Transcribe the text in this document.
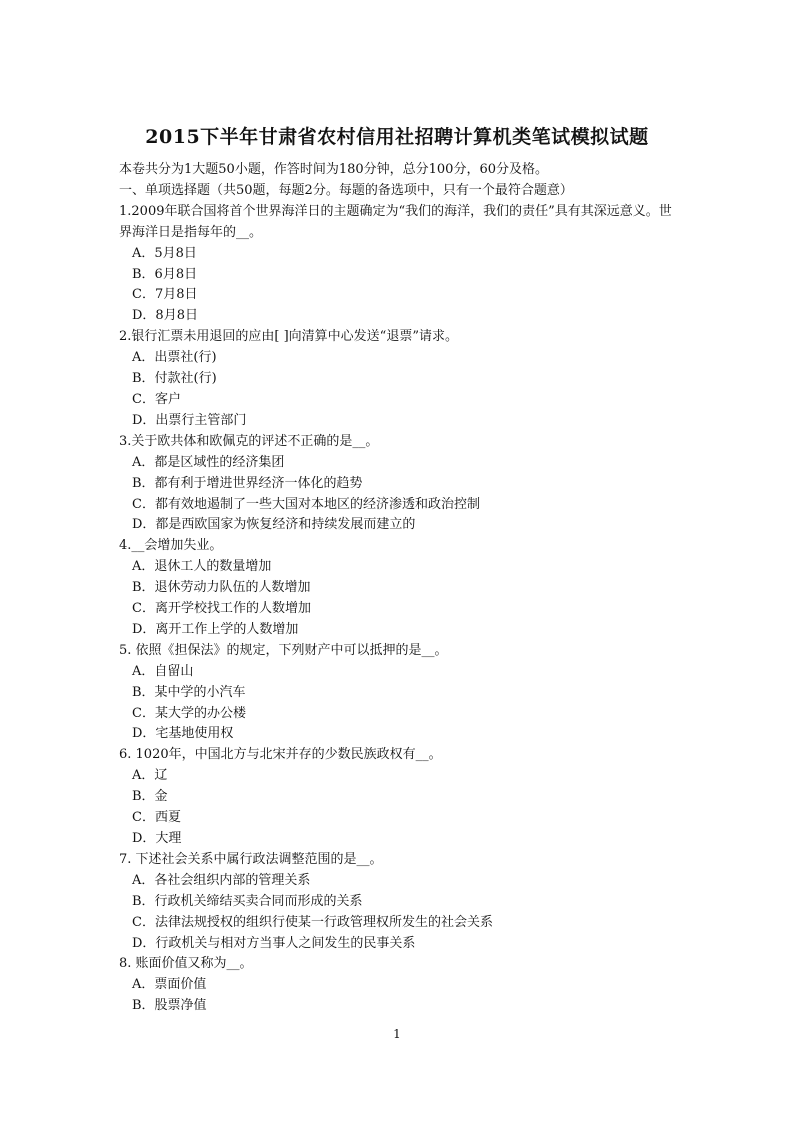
2015下半年甘肃省农村信用社招聘计算机类笔试模拟试题
本卷共分为1大题50小题，作答时间为180分钟，总分100分，60分及格。
一、单项选择题（共50题，每题2分。每题的备选项中，只有一个最符合题意）
1.2009年联合国将首个世界海洋日的主题确定为“我们的海洋，我们的责任”具有其深远意义。世界海洋日是指每年的__。
A．5月8日
B．6月8日
C．7月8日
D．8月8日
2.银行汇票未用退回的应由[ ]向清算中心发送“退票”请求。
A．出票社(行)
B．付款社(行)
C．客户
D．出票行主管部门
3.关于欧共体和欧佩克的评述不正确的是__。
A．都是区域性的经济集团
B．都有利于增进世界经济一体化的趋势
C．都有效地遏制了一些大国对本地区的经济渗透和政治控制
D．都是西欧国家为恢复经济和持续发展而建立的
4.__会增加失业。
A．退休工人的数量增加
B．退休劳动力队伍的人数增加
C．离开学校找工作的人数增加
D．离开工作上学的人数增加
5. 依照《担保法》的规定，下列财产中可以抵押的是__。
A．自留山
B．某中学的小汽车
C．某大学的办公楼
D．宅基地使用权
6. 1020年，中国北方与北宋并存的少数民族政权有__。
A．辽
B．金
C．西夏
D．大理
7. 下述社会关系中属行政法调整范围的是__。
A．各社会组织内部的管理关系
B．行政机关缔结买卖合同而形成的关系
C．法律法规授权的组织行使某一行政管理权所发生的社会关系
D．行政机关与相对方当事人之间发生的民事关系
8. 账面价值又称为__。
A．票面价值
B．股票净值
1
